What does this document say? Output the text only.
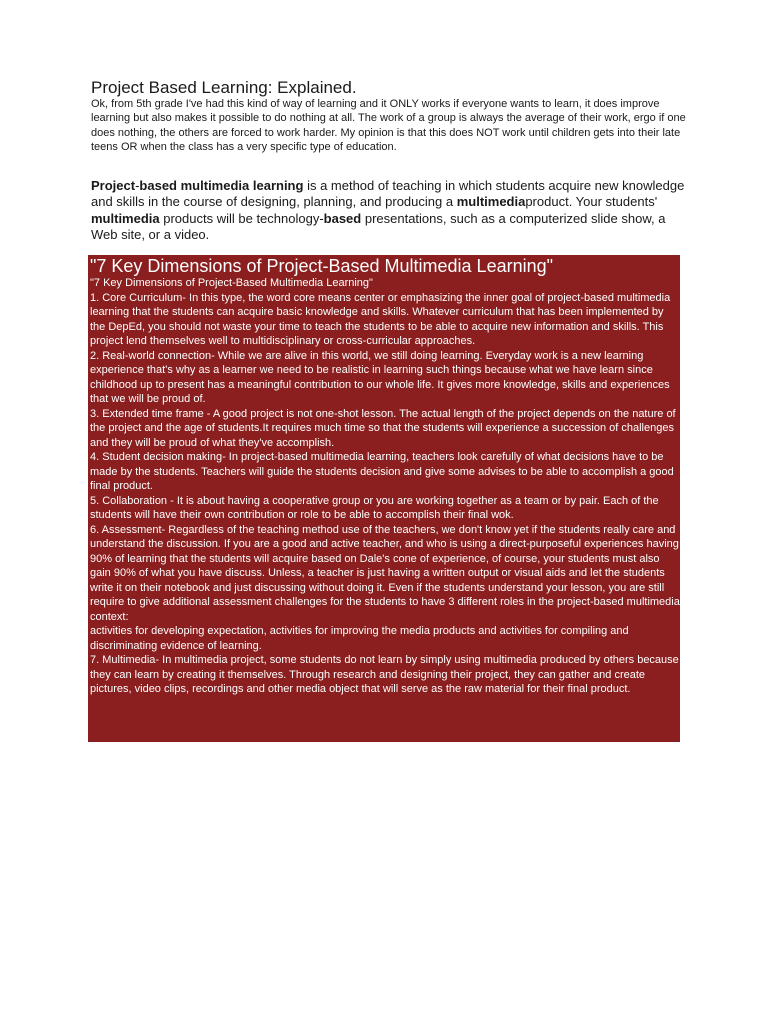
Project Based Learning: Explained.
Ok, from 5th grade I've had this kind of way of learning and it ONLY works if everyone wants to learn, it does improve learning but also makes it possible to do nothing at all. The work of a group is always the average of their work, ergo if one does nothing, the others are forced to work harder. My opinion is that this does NOT work until children gets into their late teens OR when the class has a very specific type of education.
Project-based multimedia learning is a method of teaching in which students acquire new knowledge and skills in the course of designing, planning, and producing a multimediaproduct. Your students' multimedia products will be technology-based presentations, such as a computerized slide show, a Web site, or a video.
"7 Key Dimensions of Project-Based Multimedia Learning"

"7 Key Dimensions of Project-Based Multimedia Learning"

1. Core Curriculum- In this type, the word core means center or emphasizing the inner goal of project-based multimedia learning that the students can acquire basic knowledge and skills. Whatever curriculum that has been implemented by the DepEd, you should not waste your time to teach the students to be able to acquire new information and skills. This project lend themselves well to multidisciplinary or cross-curricular approaches.

2. Real-world connection- While we are alive in this world, we still doing learning. Everyday work is a new learning experience that's why as a learner we need to be realistic in learning such things because what we have learn since childhood up to present has a meaningful contribution to our whole life. It gives more knowledge, skills and experiences that we will be proud of.

3. Extended time frame - A good project is not one-shot lesson. The actual length of the project depends on the nature of the project and the age of students.It requires much time so that the students will experience a succession of challenges and they will be proud of what they've accomplish.

4. Student decision making- In project-based multimedia learning, teachers look carefully of what decisions have to be made by the students. Teachers will guide the students decision and give some advises to be able to accomplish a good final product.

5. Collaboration - It is about having a cooperative group or you are working together as a team or by pair. Each of the students will have their own contribution or role to be able to accomplish their final wok.

6. Assessment- Regardless of the teaching method use of the teachers, we don't know yet if the students really care and understand the discussion. If you are a good and active teacher, and who is using a direct-purposeful experiences having 90% of learning that the students will acquire based on Dale's cone of experience, of course, your students must also gain 90% of what you have discuss. Unless, a teacher is just having a written output or visual aids and let the students write it on their notebook and just discussing without doing it. Even if the students understand your lesson, you are still require to give additional assessment challenges for the students to have 3 different roles in the project-based multimedia context:

activities for developing expectation, activities for improving the media products and activities for compiling and discriminating evidence of learning.

7. Multimedia- In multimedia project, some students do not learn by simply using multimedia produced by others because they can learn by creating it themselves. Through research and designing their project, they can gather and create pictures, video clips, recordings and other media object that will serve as the raw material for their final product.
